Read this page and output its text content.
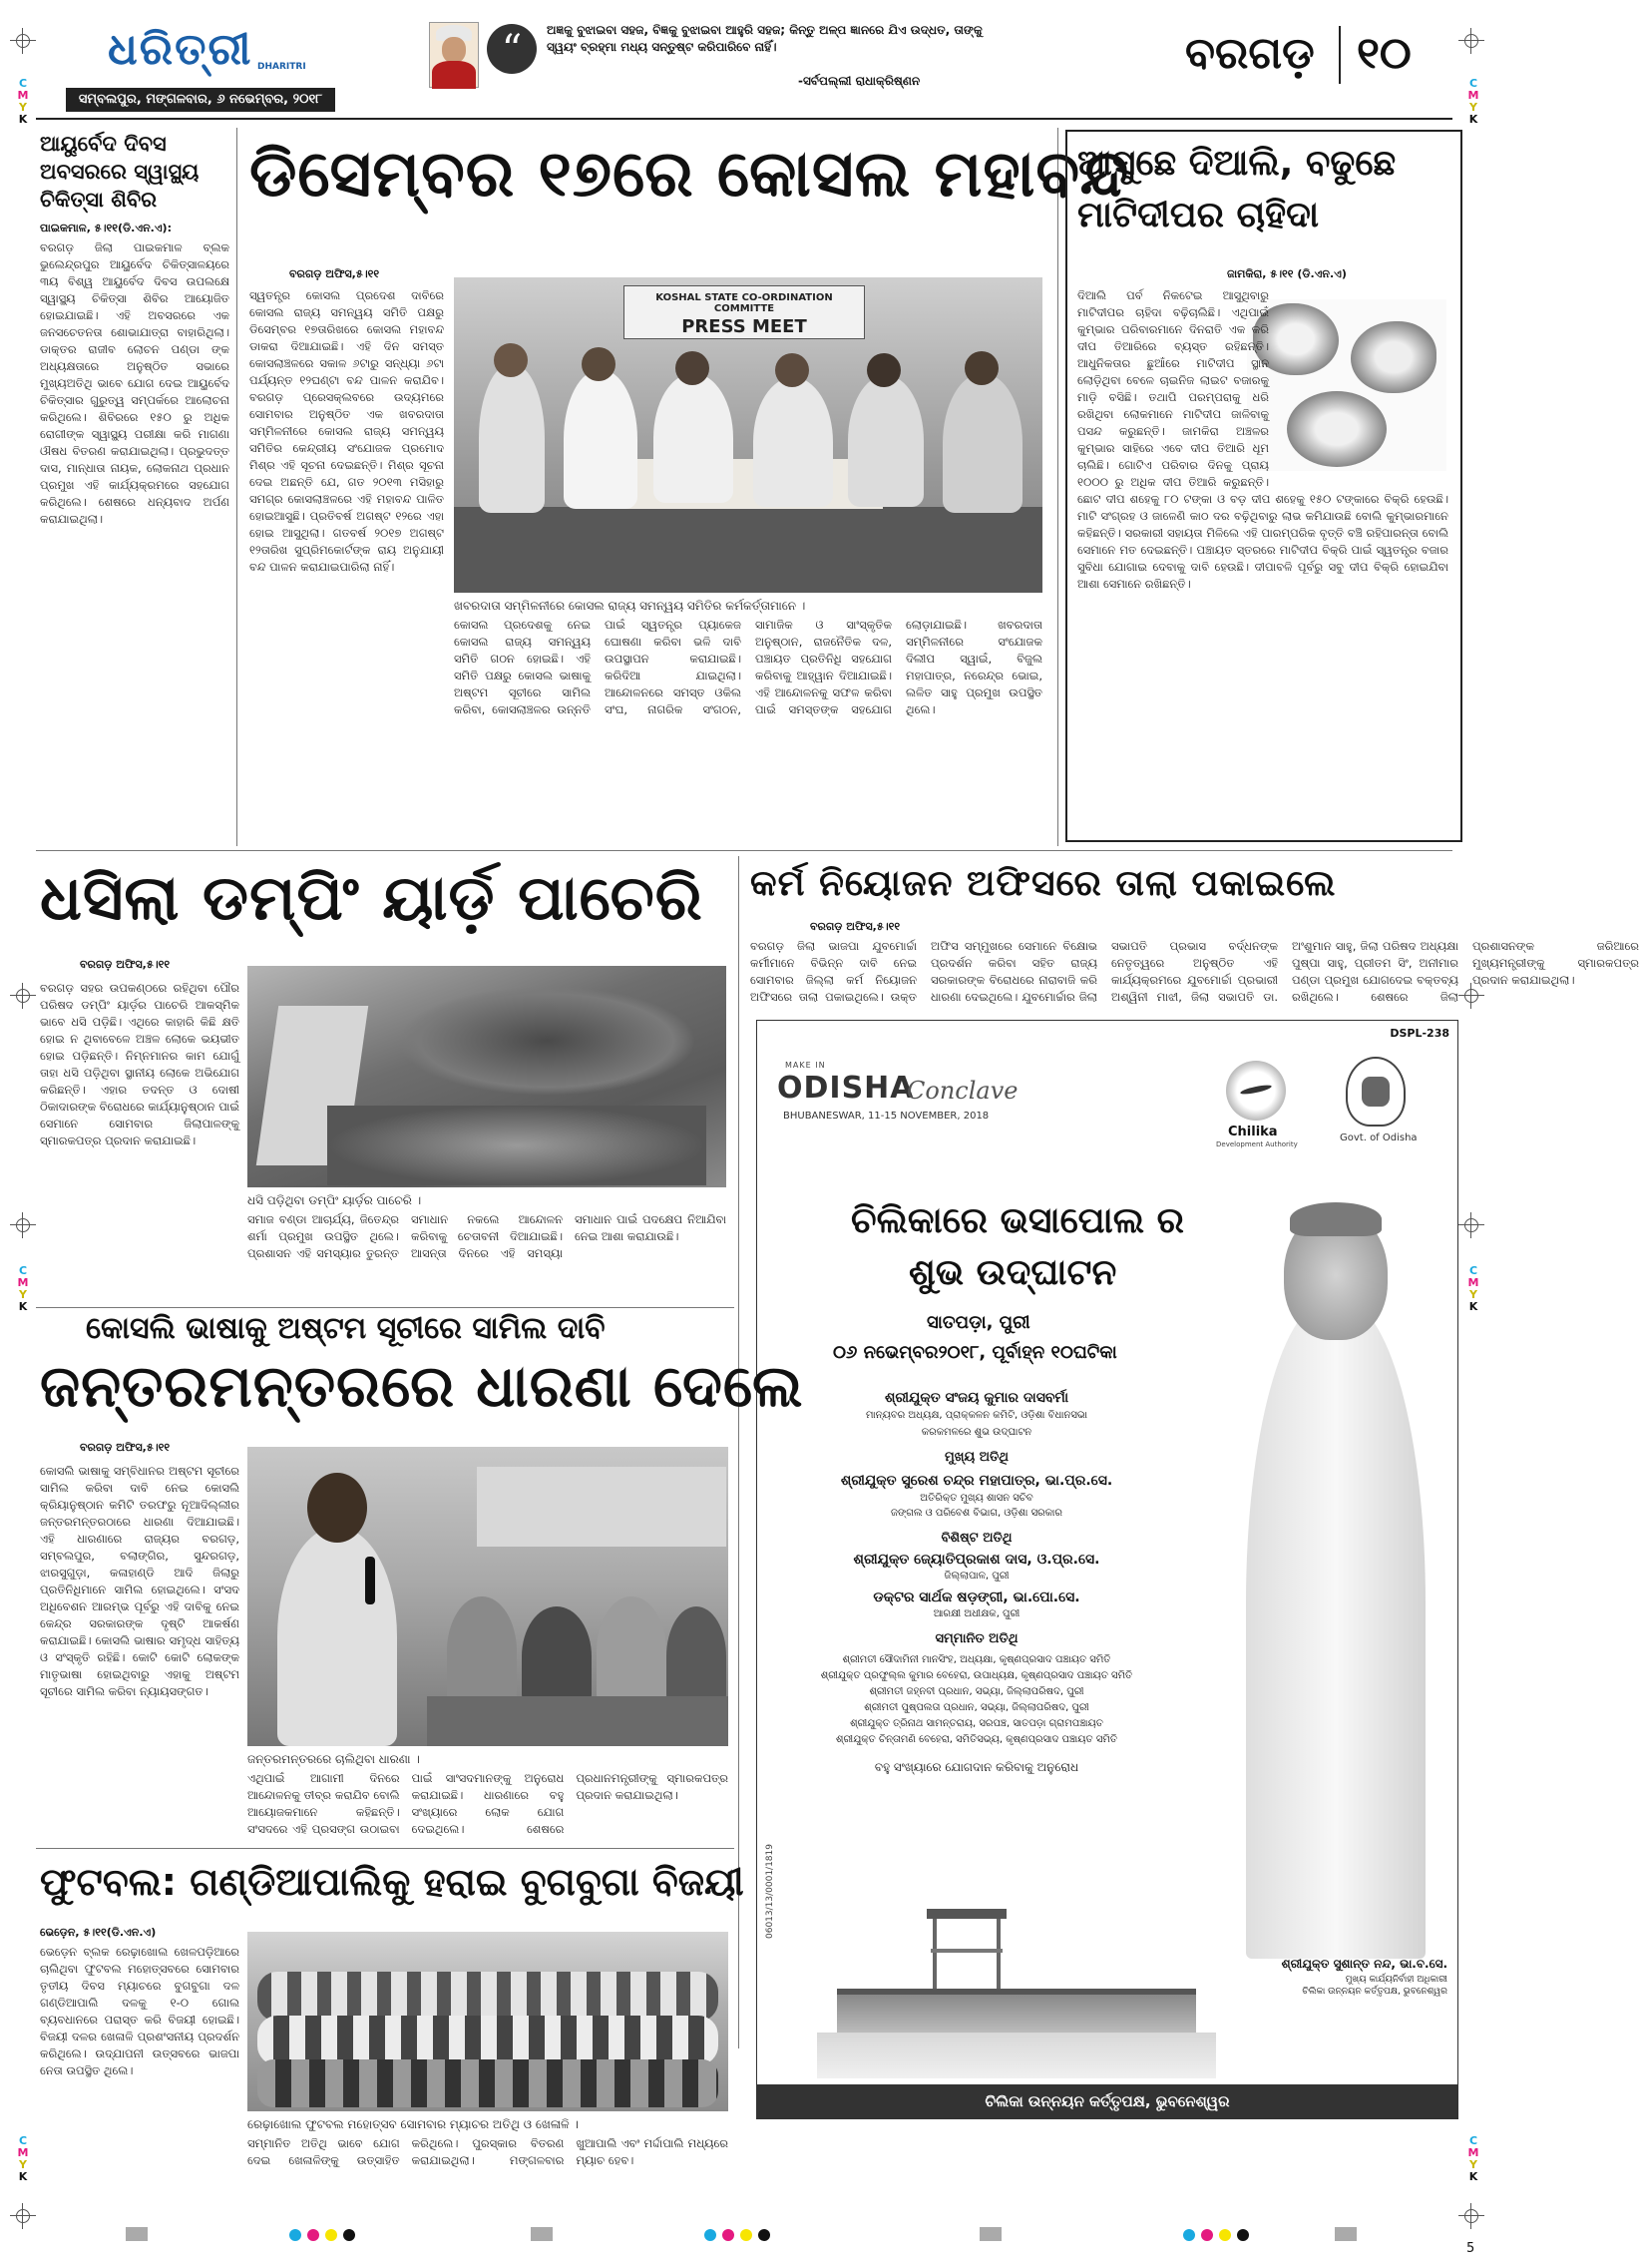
C
M
Y
K
C
M
Y
K
C
M
Y
K
C
M
Y
K
C
M
Y
K
C
M
Y
K
ଧରିତ୍ରୀ DHARITRI
ସମ୍ବଲପୁର, ମଙ୍ଗଳବାର, ୬ ନଭେମ୍ବର, ୨୦୧୮
“	ଅଜ୍ଞକୁ ବୁଝାଇବା ସହଜ, ବିଜ୍ଞକୁ ବୁଝାଇବା ଆହୁରି ସହଜ; କିନ୍ତୁ ଅଳ୍ପ ଜ୍ଞାନରେ ଯିଏ ଉଦ୍ଧତ, ତାଙ୍କୁ ସ୍ୱୟଂ ବ୍ରହ୍ମା ମଧ୍ୟ ସନ୍ତୁଷ୍ଟ କରିପାରିବେ ନାହିଁ।
-ସର୍ବପଲ୍ଲୀ ରାଧାକ୍ରିଷ୍ଣନ
ବରଗଡ଼ ୧୦
ଆୟୁର୍ବେଦ ଦିବସ ଅବସରରେ ସ୍ୱାସ୍ଥ୍ୟ ଚିକିତ୍ସା ଶିବିର
ପାଇକମାଳ, ୫।୧୧(ଡି.ଏନ.ଏ):
ବରଗଡ଼ ଜିଲା ପାଇକମାଳ ବ୍ଲକ ଭୁଲେନ୍ଦ୍ରପୁର ଆୟୁର୍ବେଦ ଚିକିତ୍ସାଳୟରେ ୩ୟ ବିଶ୍ୱ ଆୟୁର୍ବେଦ ଦିବସ ଉପଲକ୍ଷେ ସ୍ୱାସ୍ଥ୍ୟ ଚିକିତ୍ସା ଶିବିର ଆୟୋଜିତ ହୋଇଯାଇଛି। ଏହି ଅବସରରେ ଏକ ଜନସଚେତନତା ଶୋଭାଯାତ୍ରା ବାହାରିଥିଲା। ଡାକ୍ତର ରାଜୀବ ଲୋଚନ ପଣ୍ଡା ଙ୍କ ଅଧ୍ୟକ୍ଷତାରେ ଅନୁଷ୍ଠିତ ସଭାରେ ମୁଖ୍ୟଅତିଥି ଭାବେ ଯୋଗ ଦେଇ ଆୟୁର୍ବେଦ ଚିକିତ୍ସାର ଗୁରୁତ୍ୱ ସମ୍ପର୍କରେ ଆଲୋଚନା କରିଥିଲେ। ଶିବିରରେ ୧୫୦ ରୁ ଅଧିକ ରୋଗୀଙ୍କ ସ୍ୱାସ୍ଥ୍ୟ ପରୀକ୍ଷା କରି ମାଗଣା ଔଷଧ ବିତରଣ କରାଯାଇଥିଲା। ପ୍ରଭୁଦତ୍ତ ଦାସ, ମାନ୍ଧାତା ନାୟକ, ଲୋକନାଥ ପ୍ରଧାନ ପ୍ରମୁଖ ଏହି କାର୍ଯ୍ୟକ୍ରମରେ ସହଯୋଗ କରିଥିଲେ। ଶେଷରେ ଧନ୍ୟବାଦ ଅର୍ପଣ କରାଯାଇଥିଲା।
ଡିସେମ୍ବର ୧୭ରେ କୋସଲ ମହାବନ୍ଦ
ବରଗଡ଼ ଅଫିସ,୫।୧୧
ସ୍ୱତନ୍ତ୍ର କୋସଲ ପ୍ରଦେଶ ଦାବିରେ କୋସଲ ରାଜ୍ୟ ସମନ୍ୱୟ ସମିତି ପକ୍ଷରୁ ଡିସେମ୍ବର ୧୭ତାରିଖରେ କୋସଲ ମହାବନ୍ଦ ଡାକରା ଦିଆଯାଇଛି। ଏହି ଦିନ ସମସ୍ତ କୋସଲାଞ୍ଚଳରେ ସକାଳ ୬ଟାରୁ ସନ୍ଧ୍ୟା ୬ଟା ପର୍ଯ୍ୟନ୍ତ ୧୨ଘଣ୍ଟା ବନ୍ଦ ପାଳନ କରାଯିବ। ବରଗଡ଼ ପ୍ରେସକ୍ଲବରେ ଉଦ୍ୟମରେ ସୋମବାର ଅନୁଷ୍ଠିତ ଏକ ଖବରଦାତା ସମ୍ମିଳନୀରେ କୋସଲ ରାଜ୍ୟ ସମନ୍ୱୟ ସମିତିର କେନ୍ଦ୍ରୀୟ ସଂଯୋଜକ ପ୍ରମୋଦ ମିଶ୍ର ଏହି ସୂଚନା ଦେଇଛନ୍ତି। ମିଶ୍ର ସୂଚନା ଦେଇ ଅଛନ୍ତି ଯେ, ଗତ ୨୦୧୩ ମସିହାରୁ ସମଗ୍ର କୋସଲାଞ୍ଚଳରେ ଏହି ମହାବନ୍ଦ ପାଳିତ ହୋଇଆସୁଛି। ପ୍ରତିବର୍ଷ ଅଗଷ୍ଟ ୧୨ରେ ଏହା ହୋଇ ଆସୁଥିଲା। ଗତବର୍ଷ ୨୦୧୭ ଅଗଷ୍ଟ ୧୨ତାରିଖ ସୁପ୍ରିମକୋର୍ଟଙ୍କ ରାୟ ଅନୁଯାୟୀ ବନ୍ଦ ପାଳନ କରାଯାଇପାରିଲା ନାହିଁ।
KOSHAL STATE CO-ORDINATION COMMITTE
PRESS MEET
ଖବରଦାତା ସମ୍ମିଳନୀରେ କୋସଲ ରାଜ୍ୟ ସମନ୍ୱୟ ସମିତିର କର୍ମକର୍ତ୍ତାମାନେ ।
କୋସଲ ପ୍ରଦେଶକୁ ନେଇ କୋସଲ ରାଜ୍ୟ ସମନ୍ୱୟ ସମିତି ଗଠନ ହୋଇଛି। ଏହି ସମିତି ପକ୍ଷରୁ କୋସଲ ଭାଷାକୁ ଅଷ୍ଟମ ସୂଚୀରେ ସାମିଲ କରିବା, କୋସଲାଞ୍ଚଳର ଉନ୍ନତି ପାଇଁ ସ୍ୱତନ୍ତ୍ର ପ୍ୟାକେଜ ଘୋଷଣା କରିବା ଭଳି ଦାବି ଉପସ୍ଥାପନ କରାଯାଇଛି। କରିଦିଆ ଯାଇଥିଲା। ଆନ୍ଦୋଳନରେ ସମସ୍ତ ଓକିଲ ସଂଘ, ନାଗରିକ ସଂଗଠନ, ସାମାଜିକ ଓ ସାଂସ୍କୃତିକ ଅନୁଷ୍ଠାନ, ରାଜନୈତିକ ଦଳ, ପଞ୍ଚାୟତ ପ୍ରତିନିଧି ସହଯୋଗ କରିବାକୁ ଆହ୍ୱାନ ଦିଆଯାଇଛି। ଏହି ଆନ୍ଦୋଳନକୁ ସଫଳ କରିବା ପାଇଁ ସମସ୍ତଙ୍କ ସହଯୋଗ ଲୋଡ଼ାଯାଇଛି। ଖବରଦାତା ସମ୍ମିଳନୀରେ ସଂଯୋଜକ ଦିଲୀପ ସ୍ୱାଇଁ, ବିଜୁଲ ମହାପାତ୍ର, ନରେନ୍ଦ୍ର ଭୋଇ, ଲଳିତ ସାହୁ ପ୍ରମୁଖ ଉପସ୍ଥିତ ଥିଲେ।
ଆସୁଛେ ଦିଆଲି, ବଢୁଛେ
ମାଟିଦୀପର ଚାହିଦା
ଜାମକିରା, ୫।୧୧ (ଡି.ଏନ.ଏ)
ଦିଆଲି ପର୍ବ ନିକଟେଇ ଆସୁଥିବାରୁ ମାଟିଦୀପର ଚାହିଦା ବଢ଼ିଚାଲିଛି। ଏଥିପାଇଁ କୁମ୍ଭାର ପରିବାରମାନେ ଦିନରାତି ଏକ କରି ଦୀପ ତିଆରିରେ ବ୍ୟସ୍ତ ରହିଛନ୍ତି। ଆଧୁନିକତାର ଛୁଆଁରେ ମାଟିଦୀପ ସ୍ଥାନ ଲୋଡ଼ିଥିବା ବେଳେ ଚାଇନିଜ ଲାଇଟ ବଜାରକୁ ମାଡ଼ି ବସିଛି। ତଥାପି ପରମ୍ପରାକୁ ଧରି ରଖିଥିବା ଲୋକମାନେ ମାଟିଦୀପ ଜାଳିବାକୁ ପସନ୍ଦ କରୁଛନ୍ତି। ଜାମକିରା ଅଞ୍ଚଳର କୁମ୍ଭାର ସାହିରେ ଏବେ ଦୀପ ତିଆରି ଧୂମ ଚାଲିଛି। ଗୋଟିଏ ପରିବାର ଦିନକୁ ପ୍ରାୟ ୧୦୦୦ ରୁ ଅଧିକ ଦୀପ ତିଆରି କରୁଛନ୍ତି। ଛୋଟ ଦୀପ ଶହେକୁ ୮୦ ଟଙ୍କା ଓ ବଡ଼ ଦୀପ ଶହେକୁ ୧୫୦ ଟଙ୍କାରେ ବିକ୍ରି ହେଉଛି। ମାଟି ସଂଗ୍ରହ ଓ ଜାଳେଣି କାଠ ଦର ବଢ଼ିଥିବାରୁ ଲାଭ କମିଯାଉଛି ବୋଲି କୁମ୍ଭାରମାନେ କହିଛନ୍ତି। ସରକାରୀ ସହାୟତା ମିଳିଲେ ଏହି ପାରମ୍ପରିକ ବୃତ୍ତି ବଞ୍ଚି ରହିପାରନ୍ତା ବୋଲି ସେମାନେ ମତ ଦେଇଛନ୍ତି। ପଞ୍ଚାୟତ ସ୍ତରରେ ମାଟିଦୀପ ବିକ୍ରି ପାଇଁ ସ୍ୱତନ୍ତ୍ର ବଜାର ସୁବିଧା ଯୋଗାଇ ଦେବାକୁ ଦାବି ହେଉଛି। ଦୀପାବଳି ପୂର୍ବରୁ ସବୁ ଦୀପ ବିକ୍ରି ହୋଇଯିବା ଆଶା ସେମାନେ ରଖିଛନ୍ତି।
ଧସିଲା ଡମ୍ପିଂ ୟାର୍ଡ଼ ପାଚେରି
ବରଗଡ଼ ଅଫିସ,୫।୧୧
ବରଗଡ଼ ସହର ଉପକଣ୍ଠରେ ରହିଥିବା ପୌର ପରିଷଦ ଡମ୍ପିଂ ୟାର୍ଡ଼ର ପାଚେରି ଆକସ୍ମିକ ଭାବେ ଧସି ପଡ଼ିଛି। ଏଥିରେ କାହାରି କିଛି କ୍ଷତି ହୋଇ ନ ଥିବାବେଳେ ଅଞ୍ଚଳ ଲୋକେ ଭୟଭୀତ ହୋଇ ପଡ଼ିଛନ୍ତି। ନିମ୍ନମାନର କାମ ଯୋଗୁଁ ତାହା ଧସି ପଡ଼ିଥିବା ସ୍ଥାନୀୟ ଲୋକେ ଅଭିଯୋଗ କରିଛନ୍ତି। ଏହାର ତଦନ୍ତ ଓ ଦୋଷୀ ଠିକାଦାରଙ୍କ ବିରୋଧରେ କାର୍ଯ୍ୟାନୁଷ୍ଠାନ ପାଇଁ ସେମାନେ ସୋମବାର ଜିଲାପାଳଙ୍କୁ ସ୍ମାରକପତ୍ର ପ୍ରଦାନ କରାଯାଇଛି।
ଧସି ପଡ଼ିଥିବା ଡମ୍ପିଂ ୟାର୍ଡ଼ର ପାଚେରି ।
ସମାଜ ବଣ୍ଡା ଆଚାର୍ଯ୍ୟ, ଜିତେନ୍ଦ୍ର ଶର୍ମା ପ୍ରମୁଖ ଉପସ୍ଥିତ ଥିଲେ। ପ୍ରଶାସନ ଏହି ସମସ୍ୟାର ତୁରନ୍ତ ସମାଧାନ ନକଲେ ଆନ୍ଦୋଳନ କରିବାକୁ ଚେତାବନୀ ଦିଆଯାଇଛି। ଆସନ୍ତା ଦିନରେ ଏହି ସମସ୍ୟା ସମାଧାନ ପାଇଁ ପଦକ୍ଷେପ ନିଆଯିବା ନେଇ ଆଶା କରାଯାଉଛି।
କର୍ମ ନିୟୋଜନ ଅଫିସରେ ତାଲା ପକାଇଲେ
ବରଗଡ଼ ଅଫିସ,୫।୧୧
ବରଗଡ଼ ଜିଲା ଭାଜପା ଯୁବମୋର୍ଚ୍ଚା କର୍ମୀମାନେ ବିଭିନ୍ନ ଦାବି ନେଇ ସୋମବାର ଜିଲ୍ଲା କର୍ମ ନିୟୋଜନ ଅଫିସରେ ତାଲା ପକାଇଥିଲେ। ଉକ୍ତ ଅଫିସ ସମ୍ମୁଖରେ ସେମାନେ ବିକ୍ଷୋଭ ପ୍ରଦର୍ଶନ କରିବା ସହିତ ରାଜ୍ୟ ସରକାରଙ୍କ ବିରୋଧରେ ନାରାବାଜି କରି ଧାରଣା ଦେଇଥିଲେ। ଯୁବମୋର୍ଚ୍ଚାର ଜିଲା ସଭାପତି ପ୍ରଭାସ ବର୍ଦ୍ଧନଙ୍କ ନେତୃତ୍ୱରେ ଅନୁଷ୍ଠିତ ଏହି କାର୍ଯ୍ୟକ୍ରମରେ ଯୁବମୋର୍ଚ୍ଚା ପ୍ରଭାରୀ ଅଶ୍ୱିନୀ ମାଝୀ, ଜିଲା ସଭାପତି ଡା. ଅଂଶୁମାନ ସାହୁ, ଜିଲା ପରିଷଦ ଅଧ୍ୟକ୍ଷା ପୁଷ୍ପା ସାହୁ, ପ୍ରୀତମ ସିଂ, ଅନୀମାର ପଣ୍ଡା ପ୍ରମୁଖ ଯୋଗଦେଇ ବକ୍ତବ୍ୟ ରଖିଥିଲେ। ଶେଷରେ ଜିଲା ପ୍ରଶାସନଙ୍କ ଜରିଆରେ ମୁଖ୍ୟମନ୍ତ୍ରୀଙ୍କୁ ସ୍ମାରକପତ୍ର ପ୍ରଦାନ କରାଯାଇଥିଲା।
DSPL-238
MAKE IN
ODISHA
Conclave
BHUBANESWAR, 11-15 NOVEMBER, 2018
Chilika
Development Authority
Govt. of Odisha
ଚିଲିକାରେ ଭସାପୋଲ ର
ଶୁଭ ଉଦ୍‌ଘାଟନ
ସାତପଡ଼ା, ପୁରୀ
୦୬ ନଭେମ୍ବର୨୦୧୮, ପୂର୍ବାହ୍ନ ୧୦ଘଟିକା
ଶ୍ରୀଯୁକ୍ତ ସଂଜୟ କୁମାର ଦାସବର୍ମା
ମାନ୍ୟବର ଅଧ୍ୟକ୍ଷ, ପ୍ରାକ୍କଳନ କମିଟି, ଓଡ଼ିଶା ବିଧାନସଭା
କରକମଳରେ ଶୁଭ ଉଦ୍‌ଘାଟନ
ମୁଖ୍ୟ ଅତିଥି
ଶ୍ରୀଯୁକ୍ତ ସୁରେଶ ଚନ୍ଦ୍ର ମହାପାତ୍ର, ଭା.ପ୍ର.ସେ.
ଅତିରିକ୍ତ ମୁଖ୍ୟ ଶାସନ ସଚିବ
ଜଙ୍ଗଲ ଓ ପରିବେଶ ବିଭାଗ, ଓଡ଼ିଶା ସରକାର
ବିଶିଷ୍ଟ ଅତିଥି
ଶ୍ରୀଯୁକ୍ତ ଜ୍ୟୋତିପ୍ରକାଶ ଦାସ, ଓ.ପ୍ର.ସେ.
ଜିଲ୍ଲାପାଳ, ପୁରୀ
ଡକ୍ଟର ସାର୍ଥକ ଷଡ଼ଙ୍ଗୀ, ଭା.ପୋ.ସେ.
ଆରକ୍ଷୀ ଅଧୀକ୍ଷକ, ପୁରୀ
ସମ୍ମାନିତ ଅତିଥି
ଶ୍ରୀମତୀ ସୌଦାମିନୀ ମାନସିଂହ, ଅଧ୍ୟକ୍ଷା, କୃଷ୍ଣପ୍ରସାଦ ପଞ୍ଚାୟତ ସମିତି
ଶ୍ରୀଯୁକ୍ତ ପ୍ରଫୁଲ୍ଲ କୁମାର ବେହେରା, ଉପାଧ୍ୟକ୍ଷ, କୃଷ୍ଣପ୍ରସାଦ ପଞ୍ଚାୟତ ସମିତି
ଶ୍ରୀମତୀ ଜହ୍ନବୀ ପ୍ରଧାନ, ସଭ୍ୟା, ଜିଲ୍ଲାପରିଷଦ, ପୁରୀ
ଶ୍ରୀମତୀ ପୁଷ୍ପଲତା ପ୍ରଧାନ, ସଭ୍ୟା, ଜିଲ୍ଲାପରିଷଦ, ପୁରୀ
ଶ୍ରୀଯୁକ୍ତ ତ୍ରିନାଥ ସାମନ୍ତରାୟ, ସରପଞ୍ଚ, ସାତପଡ଼ା ଗ୍ରାମପଞ୍ଚାୟତ
ଶ୍ରୀଯୁକ୍ତ ଚିନ୍ତାମଣି ବେହେରା, ସମିତିସଭ୍ୟ, କୃଷ୍ଣପ୍ରସାଦ ପଞ୍ଚାୟତ ସମିତି
ବହୁ ସଂଖ୍ୟାରେ ଯୋଗଦାନ କରିବାକୁ ଅନୁରୋଧ
ଶ୍ରୀଯୁକ୍ତ ସୁଶାନ୍ତ ନନ୍ଦ, ଭା.ବ.ସେ.
ମୁଖ୍ୟ କାର୍ଯ୍ୟନିର୍ବାହୀ ଅଧିକାରୀ
ଚିଲିକା ଉନ୍ନୟନ କର୍ତ୍ତୃପକ୍ଷ, ଭୁବନେଶ୍ୱର
06013/13/0001/1819
ଚିଲିକା ଉନ୍ନୟନ କର୍ତ୍ତୃପକ୍ଷ, ଭୁବନେଶ୍ୱର
କୋସଲି ଭାଷାକୁ ଅଷ୍ଟମ ସୂଚୀରେ ସାମିଲ ଦାବି
ଜନ୍ତରମନ୍ତରରେ ଧାରଣା ଦେଲେ
ବରଗଡ଼ ଅଫିସ,୫।୧୧
କୋସଲି ଭାଷାକୁ ସମ୍ବିଧାନର ଅଷ୍ଟମ ସୂଚୀରେ ସାମିଲ କରିବା ଦାବି ନେଇ କୋସଲି କ୍ରିୟାନୁଷ୍ଠାନ କମିଟି ତରଫରୁ ନୂଆଦିଲ୍ଲୀର ଜନ୍ତରମନ୍ତରଠାରେ ଧାରଣା ଦିଆଯାଇଛି। ଏହି ଧାରଣାରେ ରାଜ୍ୟର ବରଗଡ଼, ସମ୍ବଲପୁର, ବଲାଙ୍ଗିର, ସୁନ୍ଦରଗଡ଼, ଝାରସୁଗୁଡ଼ା, କଳାହାଣ୍ଡି ଆଦି ଜିଲାରୁ ପ୍ରତିନିଧିମାନେ ସାମିଲ ହୋଇଥିଲେ। ସଂସଦ ଅଧିବେଶନ ଆରମ୍ଭ ପୂର୍ବରୁ ଏହି ଦାବିକୁ ନେଇ କେନ୍ଦ୍ର ସରକାରଙ୍କ ଦୃଷ୍ଟି ଆକର୍ଷଣ କରାଯାଇଛି। କୋସଲି ଭାଷାର ସମୃଦ୍ଧ ସାହିତ୍ୟ ଓ ସଂସ୍କୃତି ରହିଛି। କୋଟି କୋଟି ଲୋକଙ୍କ ମାତୃଭାଷା ହୋଇଥିବାରୁ ଏହାକୁ ଅଷ୍ଟମ ସୂଚୀରେ ସାମିଲ କରିବା ନ୍ୟାୟସଙ୍ଗତ।
ଜନ୍ତରମନ୍ତରରେ ଚାଲିଥିବା ଧାରଣା ।
ଏଥିପାଇଁ ଆଗାମୀ ଦିନରେ ଆନ୍ଦୋଳନକୁ ତୀବ୍ର କରାଯିବ ବୋଲି ଆୟୋଜକମାନେ କହିଛନ୍ତି। ସଂସଦରେ ଏହି ପ୍ରସଙ୍ଗ ଉଠାଇବା ପାଇଁ ସାଂସଦମାନଙ୍କୁ ଅନୁରୋଧ କରାଯାଇଛି। ଧାରଣାରେ ବହୁ ସଂଖ୍ୟାରେ ଲୋକ ଯୋଗ ଦେଇଥିଲେ। ଶେଷରେ ପ୍ରଧାନମନ୍ତ୍ରୀଙ୍କୁ ସ୍ମାରକପତ୍ର ପ୍ରଦାନ କରାଯାଇଥିଲା।
ଫୁଟବଲ: ଗଣ୍ଡିଆପାଲିକୁ ହରାଇ ବୁଗବୁଗା ବିଜୟୀ
ଭେଡ଼େନ, ୫।୧୧(ଡି.ଏନ.ଏ)
ଭେଡ଼େନ ବ୍ଲକ ରେଢ଼ାଖୋଲ ଖେଳପଡ଼ିଆରେ ଚାଲିଥିବା ଫୁଟବଲ ମହୋତ୍ସବରେ ସୋମବାର ତୃତୀୟ ଦିବସ ମ୍ୟାଚରେ ବୁଗବୁଗା ଦଳ ଗଣ୍ଡିଆପାଲି ଦଳକୁ ୧-୦ ଗୋଲ ବ୍ୟବଧାନରେ ପରାସ୍ତ କରି ବିଜୟୀ ହୋଇଛି। ବିଜୟୀ ଦଳର ଖେଳାଳି ପ୍ରଶଂସନୀୟ ପ୍ରଦର୍ଶନ କରିଥିଲେ। ଉଦ୍‌ଯାପନୀ ଉତ୍ସବରେ ଭାଜପା ନେତା ଉପସ୍ଥିତ ଥିଲେ।
ରେଢ଼ାଖୋଲ ଫୁଟବଲ ମହୋତ୍ସବ ସୋମବାର ମ୍ୟାଚର ଅତିଥି ଓ ଖେଳାଳି ।
ସମ୍ମାନିତ ଅତିଥି ଭାବେ ଯୋଗ ଦେଇ ଖେଳାଳିଙ୍କୁ ଉତ୍ସାହିତ କରିଥିଲେ। ପୁରସ୍କାର ବିତରଣ କରାଯାଇଥିଲା। ମଙ୍ଗଳବାର ଖୁଆପାଲି ଏବଂ ମର୍ଦ୍ଦାପାଲି ମଧ୍ୟରେ ମ୍ୟାଚ ହେବ।
5
